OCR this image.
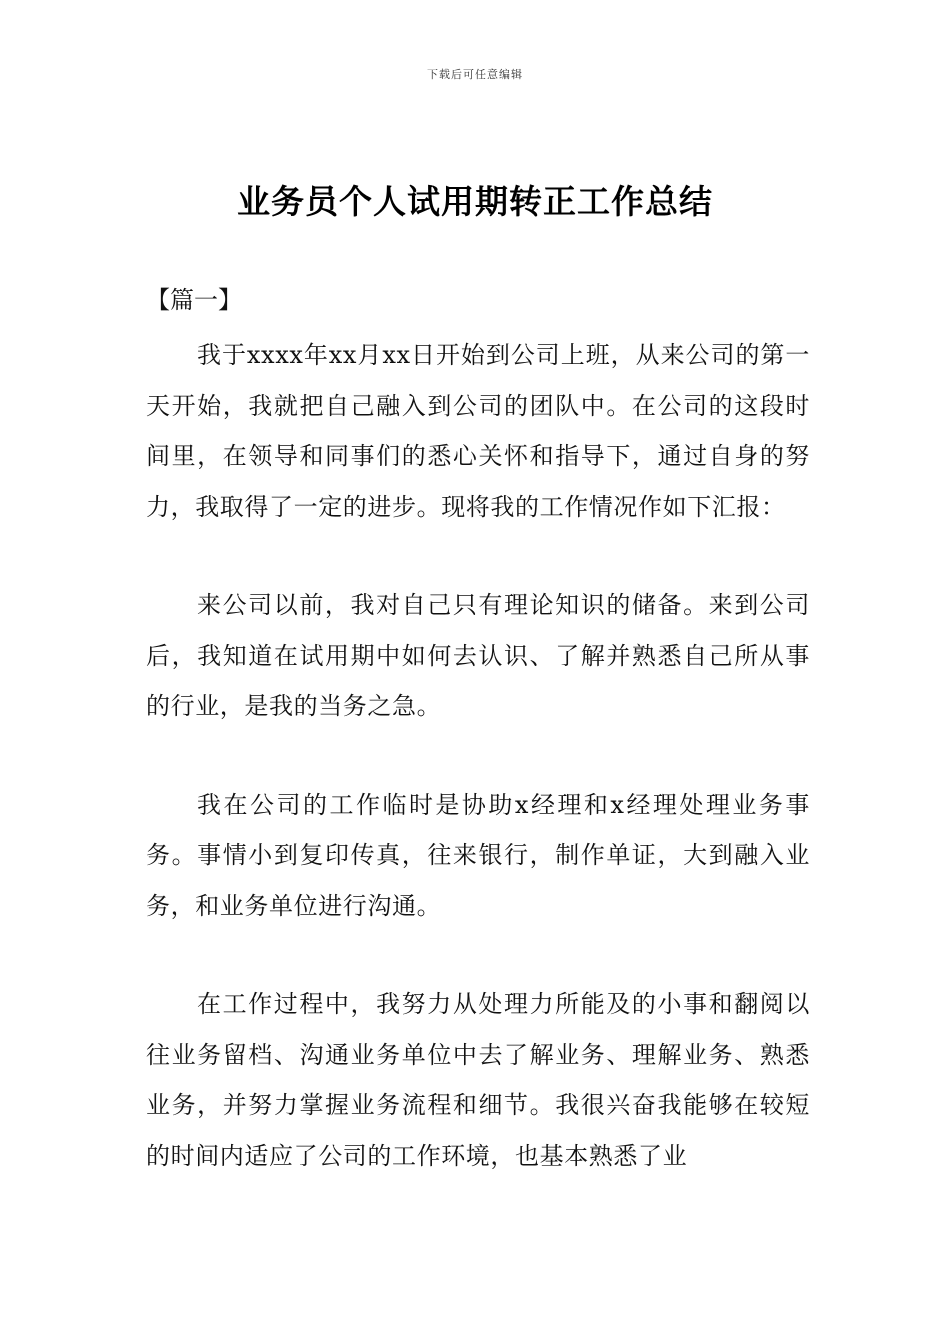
下载后可任意编辑
业务员个人试用期转正工作总结

【篇一】

我于xxxx年xx月xx日开始到公司上班，从来公司的第一天开始，我就把自己融入到公司的团队中。在公司的这段时间里，在领导和同事们的悉心关怀和指导下，通过自身的努力，我取得了一定的进步。现将我的工作情况作如下汇报：

来公司以前，我对自己只有理论知识的储备。来到公司后，我知道在试用期中如何去认识、了解并熟悉自己所从事的行业，是我的当务之急。

我在公司的工作临时是协助x经理和x经理处理业务事务。事情小到复印传真，往来银行，制作单证，大到融入业务，和业务单位进行沟通。

在工作过程中，我努力从处理力所能及的小事和翻阅以往业务留档、沟通业务单位中去了解业务、理解业务、熟悉业务，并努力掌握业务流程和细节。我很兴奋我能够在较短的时间内适应了公司的工作环境，也基本熟悉了业
